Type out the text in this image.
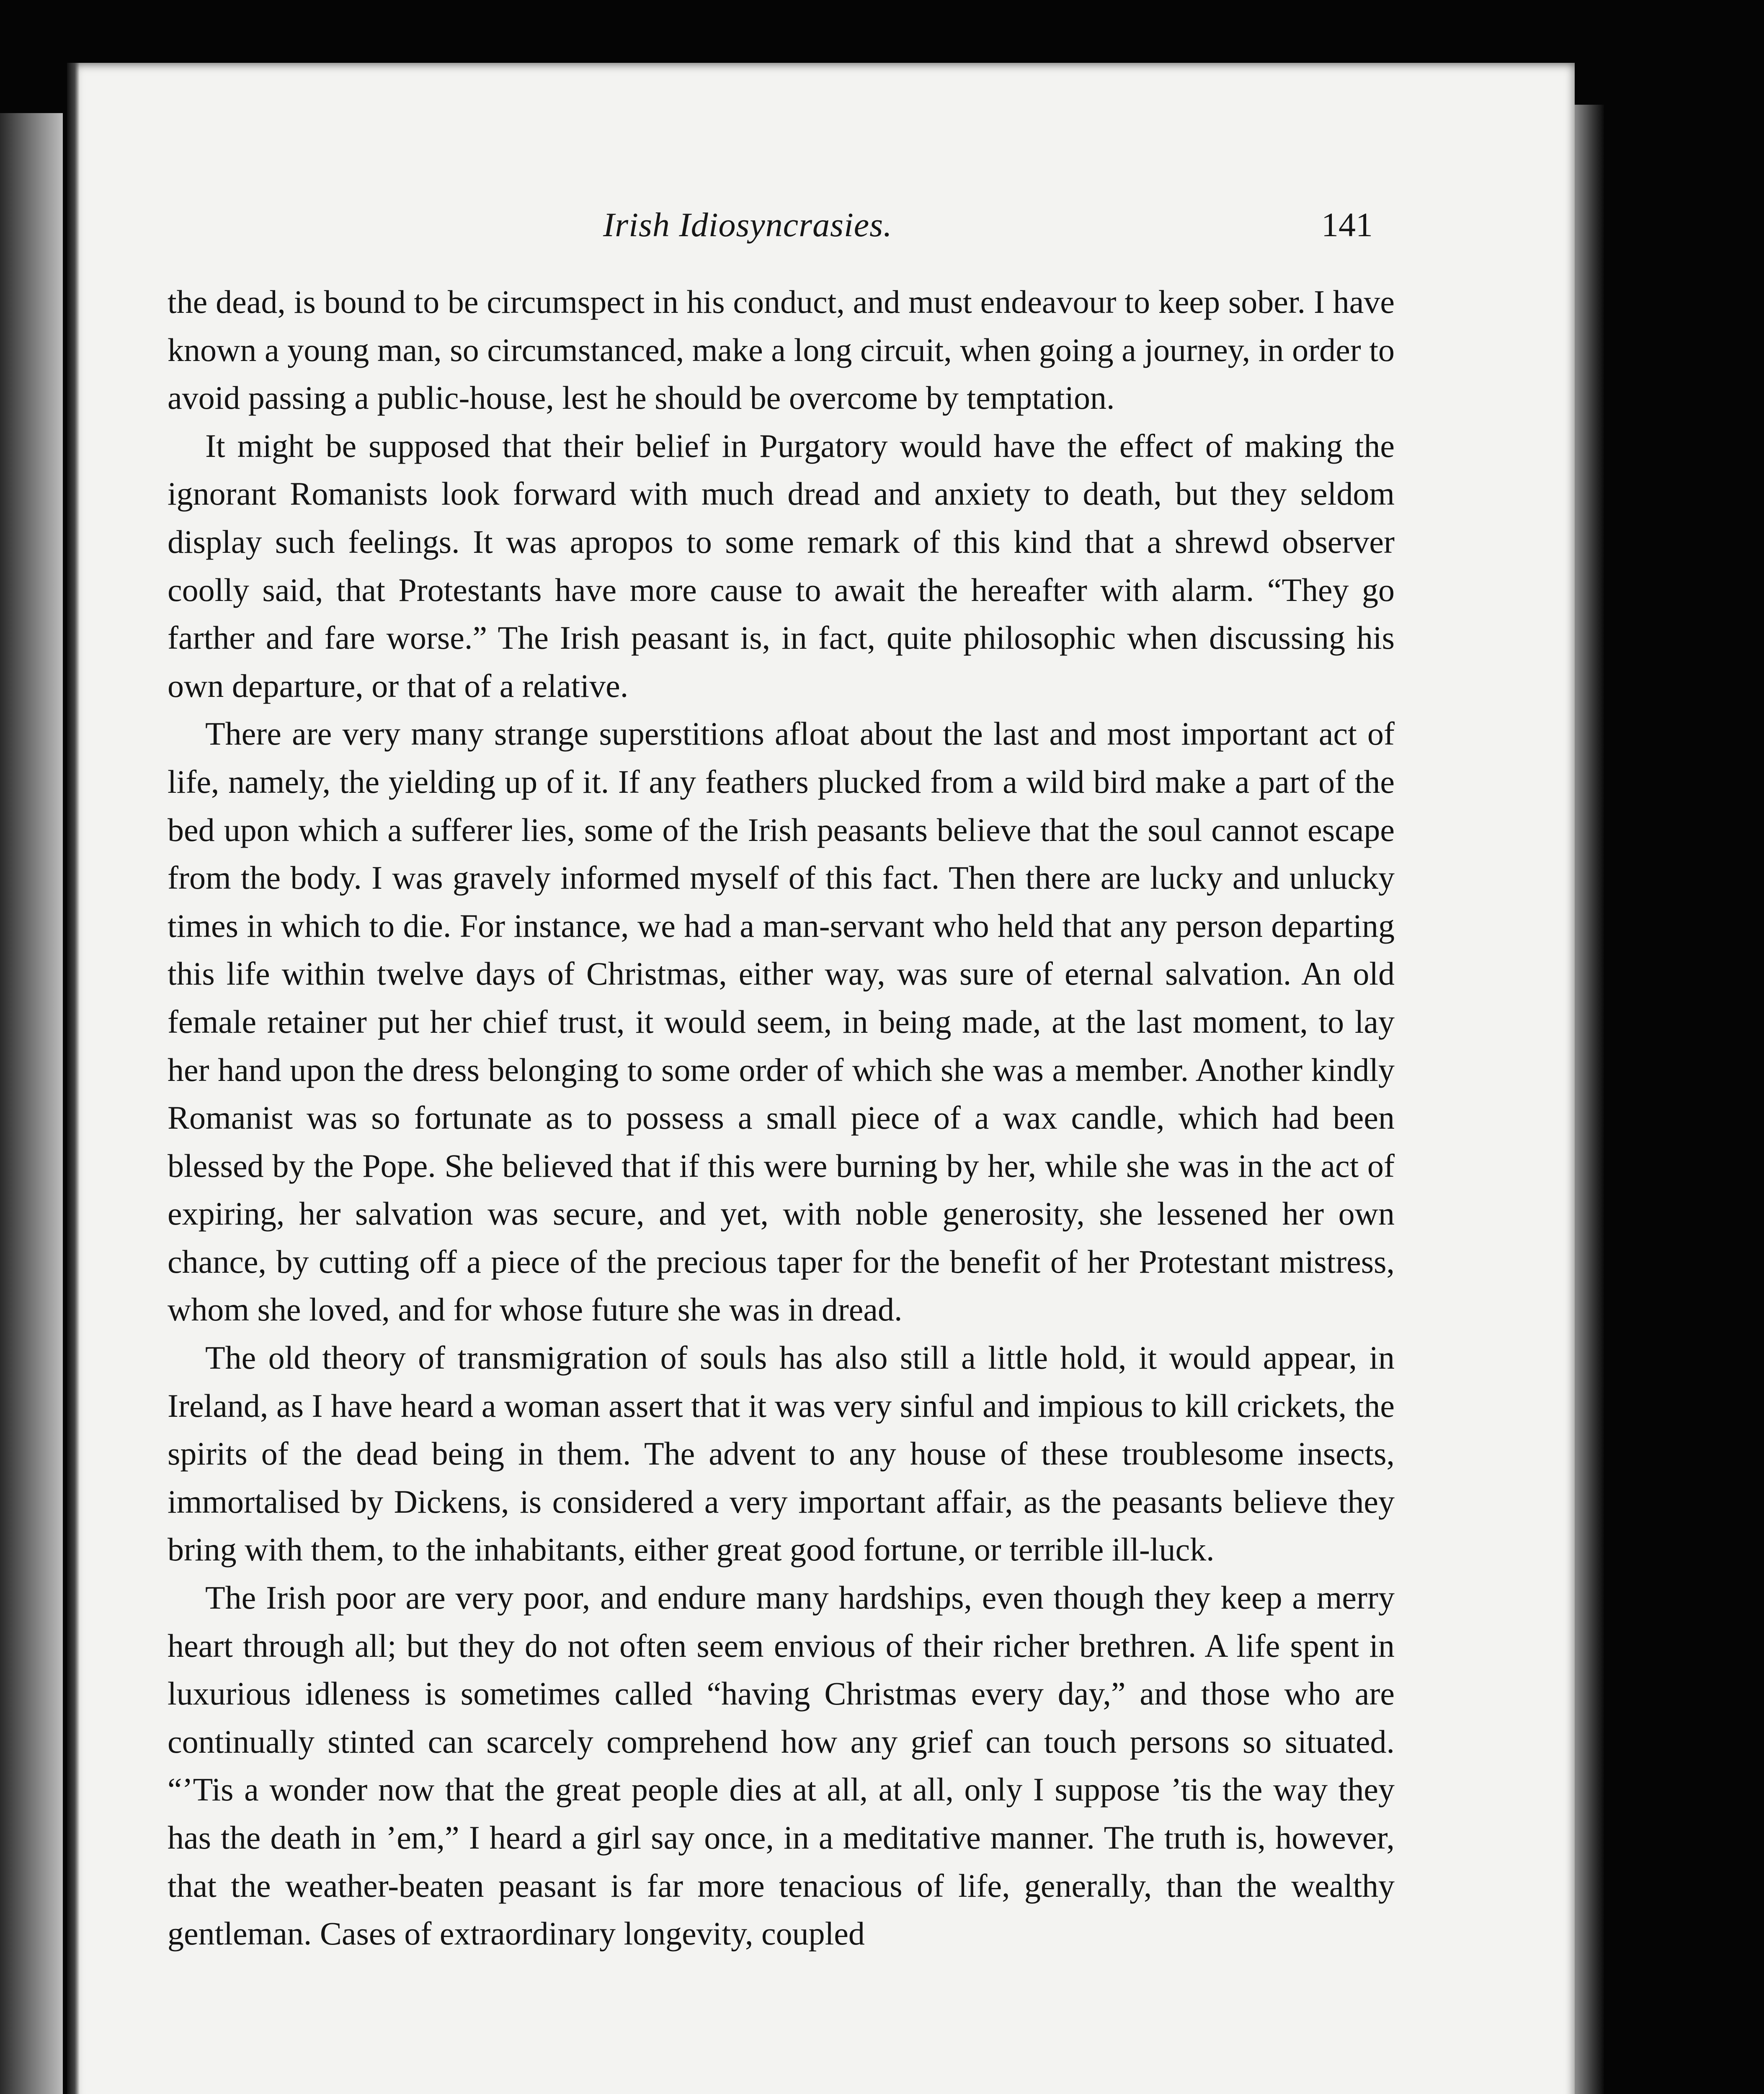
Irish Idiosyncrasies.	141

the dead, is bound to be circumspect in his conduct, and must endeavour to keep sober. I have known a young man, so circumstanced, make a long circuit, when going a journey, in order to avoid passing a public-house, lest he should be overcome by temptation.

It might be supposed that their belief in Purgatory would have the effect of making the ignorant Romanists look forward with much dread and anxiety to death, but they seldom display such feelings. It was apropos to some remark of this kind that a shrewd observer coolly said, that Protestants have more cause to await the hereafter with alarm. “They go farther and fare worse.” The Irish peasant is, in fact, quite philosophic when discussing his own departure, or that of a relative.

There are very many strange superstitions afloat about the last and most important act of life, namely, the yielding up of it. If any feathers plucked from a wild bird make a part of the bed upon which a sufferer lies, some of the Irish peasants believe that the soul cannot escape from the body. I was gravely informed myself of this fact. Then there are lucky and unlucky times in which to die. For instance, we had a man-servant who held that any person departing this life within twelve days of Christmas, either way, was sure of eternal salvation. An old female retainer put her chief trust, it would seem, in being made, at the last moment, to lay her hand upon the dress belonging to some order of which she was a member. Another kindly Romanist was so fortunate as to possess a small piece of a wax candle, which had been blessed by the Pope. She believed that if this were burning by her, while she was in the act of expiring, her salvation was secure, and yet, with noble generosity, she lessened her own chance, by cutting off a piece of the precious taper for the benefit of her Protestant mistress, whom she loved, and for whose future she was in dread.

The old theory of transmigration of souls has also still a little hold, it would appear, in Ireland, as I have heard a woman assert that it was very sinful and impious to kill crickets, the spirits of the dead being in them. The advent to any house of these troublesome insects, immortalised by Dickens, is considered a very important affair, as the peasants believe they bring with them, to the inhabitants, either great good fortune, or terrible ill-luck.

The Irish poor are very poor, and endure many hardships, even though they keep a merry heart through all; but they do not often seem envious of their richer brethren. A life spent in luxurious idleness is sometimes called “having Christmas every day,” and those who are continually stinted can scarcely comprehend how any grief can touch persons so situated. “’Tis a wonder now that the great people dies at all, at all, only I suppose ’tis the way they has the death in ’em,” I heard a girl say once, in a meditative manner. The truth is, however, that the weather-beaten peasant is far more tenacious of life, generally, than the wealthy gentleman. Cases of extraordinary longevity, coupled
